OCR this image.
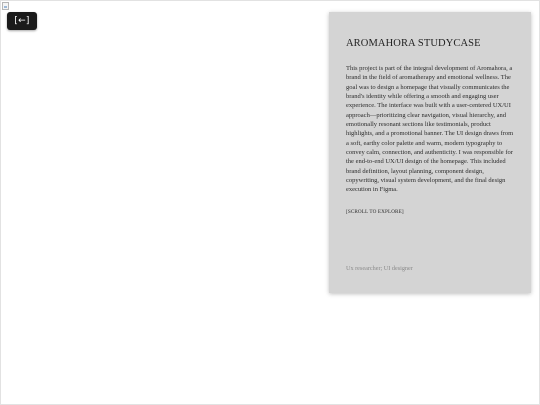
[←]
AROMAHORA STUDYCASE

This project is part of the integral development of Aromahora, a brand in the field of aromatherapy and emotional wellness. The goal was to design a homepage that visually communicates the brand's identity while offering a smooth and engaging user experience. The interface was built with a user-centered UX/UI approach—prioritizing clear navigation, visual hierarchy, and emotionally resonant sections like testimonials, product highlights, and a promotional banner. The UI design draws from a soft, earthy color palette and warm, modern typography to convey calm, connection, and authenticity. I was responsible for the end-to-end UX/UI design of the homepage. This included brand definition, layout planning, component design, copywriting, visual system development, and the final design execution in Figma.

[SCROLL TO EXPLORE]
Ux researcher; UI designer
